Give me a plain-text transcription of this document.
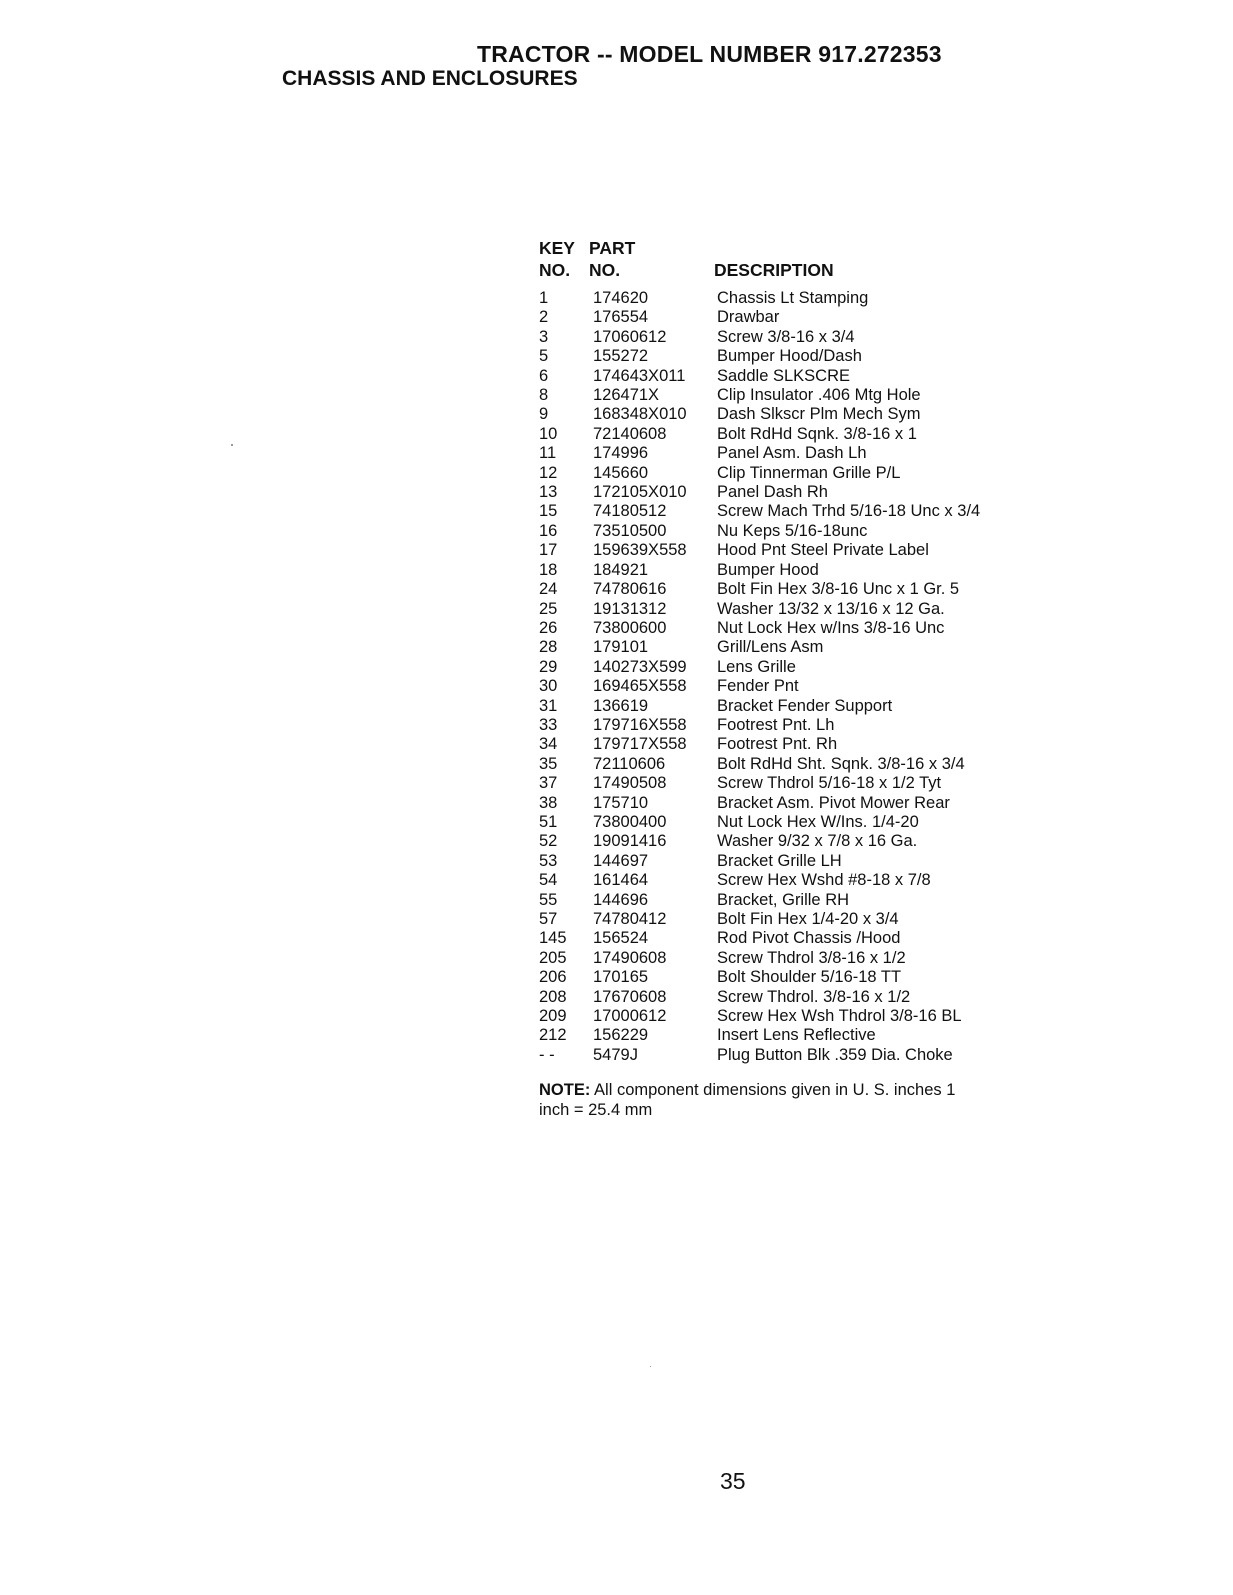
TRACTOR -- MODEL NUMBER 917.272353
CHASSIS AND ENCLOSURES
KEY
NO.
PART
NO.	DESCRIPTION
1	174620	Chassis Lt Stamping
2	176554	Drawbar
3	17060612	Screw 3/8-16 x 3/4
5	155272	Bumper Hood/Dash
6	174643X011 Saddle SLKSCRE
8	126471X	Clip Insulator .406 Mtg Hole
9	168348X010 Dash Slkscr Plm Mech Sym
10 72140608	Bolt RdHd Sqnk. 3/8-16 x 1
11 174996	Panel Asm. Dash Lh
12 145660	Clip Tinnerman Grille P/L
13 172105X010 Panel Dash Rh
15 74180512	Screw Mach Trhd 5/16-18 Unc x 3/4
16 73510500	Nu Keps 5/16-18unc
17 159639X558 Hood Pnt Steel Private Label
18 184921	Bumper Hood
24 74780616	Bolt Fin Hex 3/8-16 Unc x 1 Gr. 5
25 19131312	Washer 13/32 x 13/16 x 12 Ga.
26 73800600	Nut Lock Hex w/Ins 3/8-16 Unc
28 179101	Grill/Lens Asm
29 140273X599 Lens Grille
30 169465X558 Fender Pnt
31 136619	Bracket Fender Support
33 179716X558 Footrest Pnt. Lh
34 179717X558 Footrest Pnt. Rh
35 72110606	Bolt RdHd Sht. Sqnk. 3/8-16 x 3/4
37 17490508	Screw Thdrol 5/16-18 x 1/2 Tyt
38 175710	Bracket Asm. Pivot Mower Rear
51 73800400	Nut Lock Hex W/Ins. 1/4-20
52 19091416	Washer 9/32 x 7/8 x 16 Ga.
53 144697	Bracket Grille LH
54 161464	Screw Hex Wshd #8-18 x 7/8
55 144696	Bracket, Grille RH
57 74780412	Bolt Fin Hex 1/4-20 x 3/4
145 156524	Rod Pivot Chassis /Hood
205 17490608	Screw Thdrol 3/8-16 x 1/2
206 170165	Bolt Shoulder 5/16-18 TT
208 17670608	Screw Thdrol. 3/8-16 x 1/2
209 17000612	Screw Hex Wsh Thdrol 3/8-16 BL
212 156229	Insert Lens Reflective
- - 5479J	Plug Button Blk .359 Dia. Choke
NOTE: All component dimensions given in U. S. inches 1 inch = 25.4 mm
35
